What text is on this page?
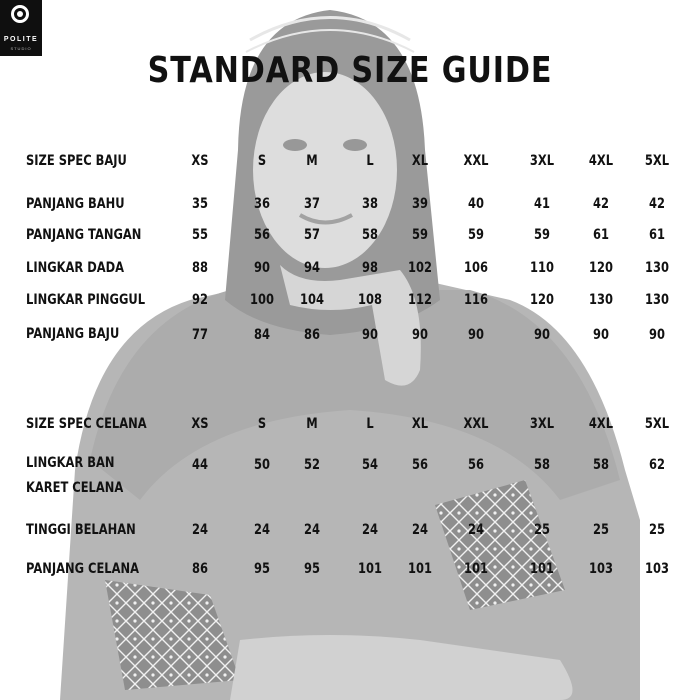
POLITE
STUDIO
STANDARD SIZE GUIDE
SIZE SPEC BAJU	XS	S	M	L	XL	XXL	3XL	4XL	5XL
PANJANG BAHU	35	36	37	38	39	40	41	42	42
PANJANG TANGAN	55	56	57	58	59	59	59	61	61
LINGKAR DADA	88	90	94	98	102	106	110	120	130
LINGKAR PINGGUL	92	100	104	108	112	116	120	130	130
PANJANG BAJU	77	84	86	90	90	90	90	90	90
SIZE SPEC CELANA	XS	S	M	L	XL	XXL	3XL	4XL	5XL
LINGKAR BAN
KARET CELANA
44	50	52	54	56	56	58	58	62
TINGGI BELAHAN	24	24	24	24	24	24	25	25	25
PANJANG CELANA	86	95	95	101	101	101	101	103	103
